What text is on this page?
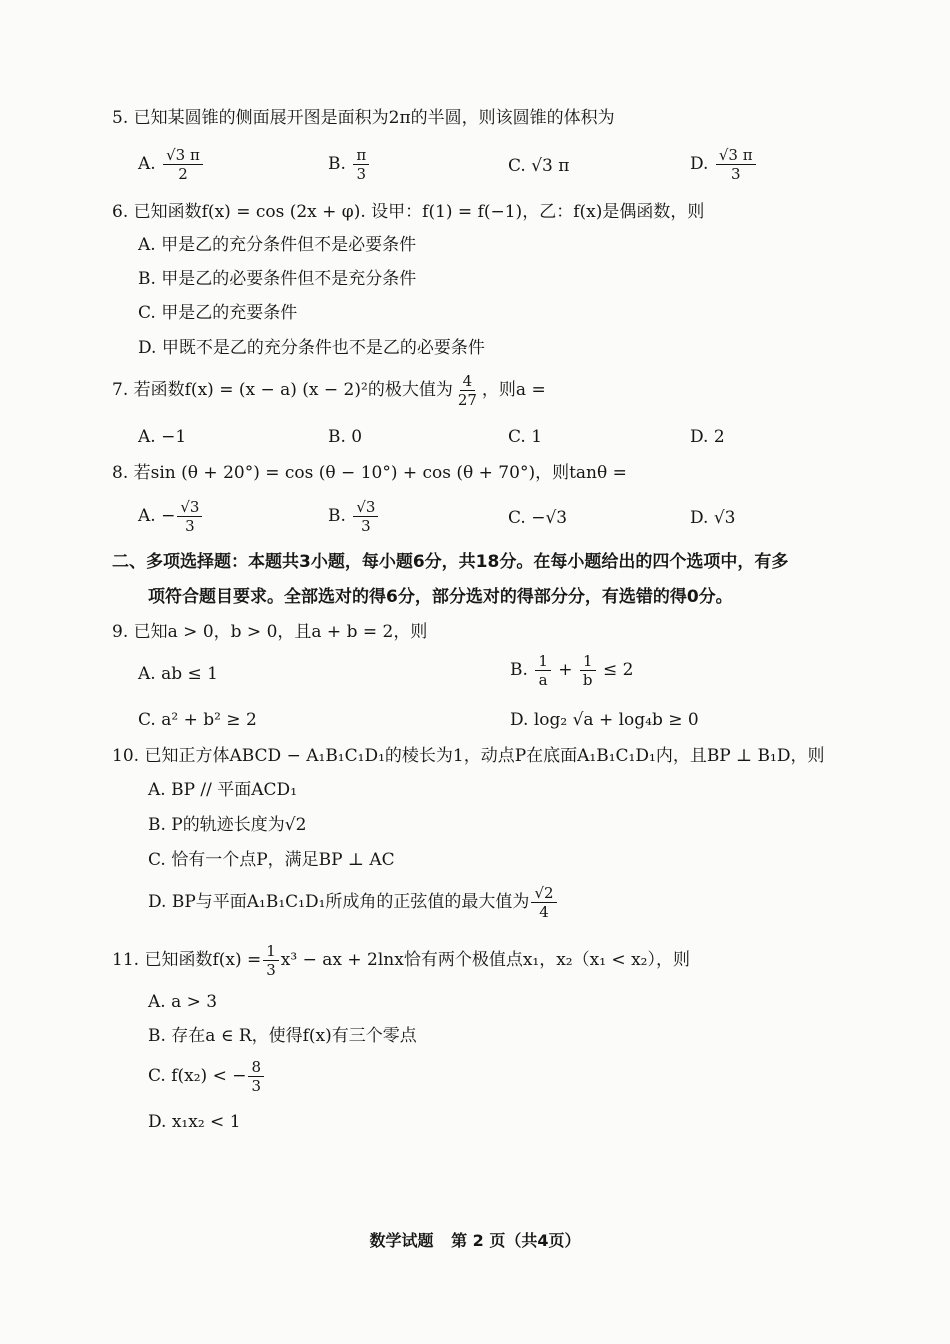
5. 已知某圆锥的侧面展开图是面积为2π的半圆，则该圆锥的体积为
A. $\frac{√3 \pi}{2}$	B. $\frac{\pi}{3}$	C. √3 π	D. $\frac{√3 \pi}{3}$
6. 已知函数f(x) = cos (2x + φ). 设甲：f(1) = f(−1)，乙：f(x)是偶函数，则
A. 甲是乙的充分条件但不是必要条件
B. 甲是乙的必要条件但不是充分条件
C. 甲是乙的充要条件
D. 甲既不是乙的充分条件也不是乙的必要条件
7. 若函数f(x) = (x − a) (x − 2)²的极大值为 $\frac{4}{27}$ ，则a =
A. −1	B. 0	C. 1	D. 2
8. 若sin (θ + 20°) = cos (θ − 10°) + cos (θ + 70°)，则tanθ =
A. − $\frac{√3}{3}$	B. $\frac{√3}{3}$	C. −√3	D. √3
二、多项选择题：本题共3小题，每小题6分，共18分。在每小题给出的四个选项中，有多
项符合题目要求。全部选对的得6分，部分选对的得部分分，有选错的得0分。
9. 已知a > 0，b > 0，且a + b = 2，则
A. ab ≤ 1	B. $\frac{1}{a} + \frac{1}{b} \le 2$
C. a² + b² ≥ 2	D. log₂ √a + log₄b ≥ 0
10. 已知正方体ABCD − A₁B₁C₁D₁的棱长为1，动点P在底面A₁B₁C₁D₁内，且BP ⊥ B₁D，则
A. BP // 平面ACD₁
B. P的轨迹长度为√2
C. 恰有一个点P，满足BP ⊥ AC
D. BP与平面A₁B₁C₁D₁所成角的正弦值的最大值为 $\frac{√2}{4}$
11. 已知函数$f(x) = \frac{1}{3} x^3$ − ax + 2lnx恰有两个极值点x₁，x₂（x₁ < x₂），则
A. a > 3
B. 存在a ∈ R，使得f(x)有三个零点
C. f(x₂) < − $\frac{8}{3}$
D. x₁x₂ < 1
数学试题 第 2 页（共4页）
